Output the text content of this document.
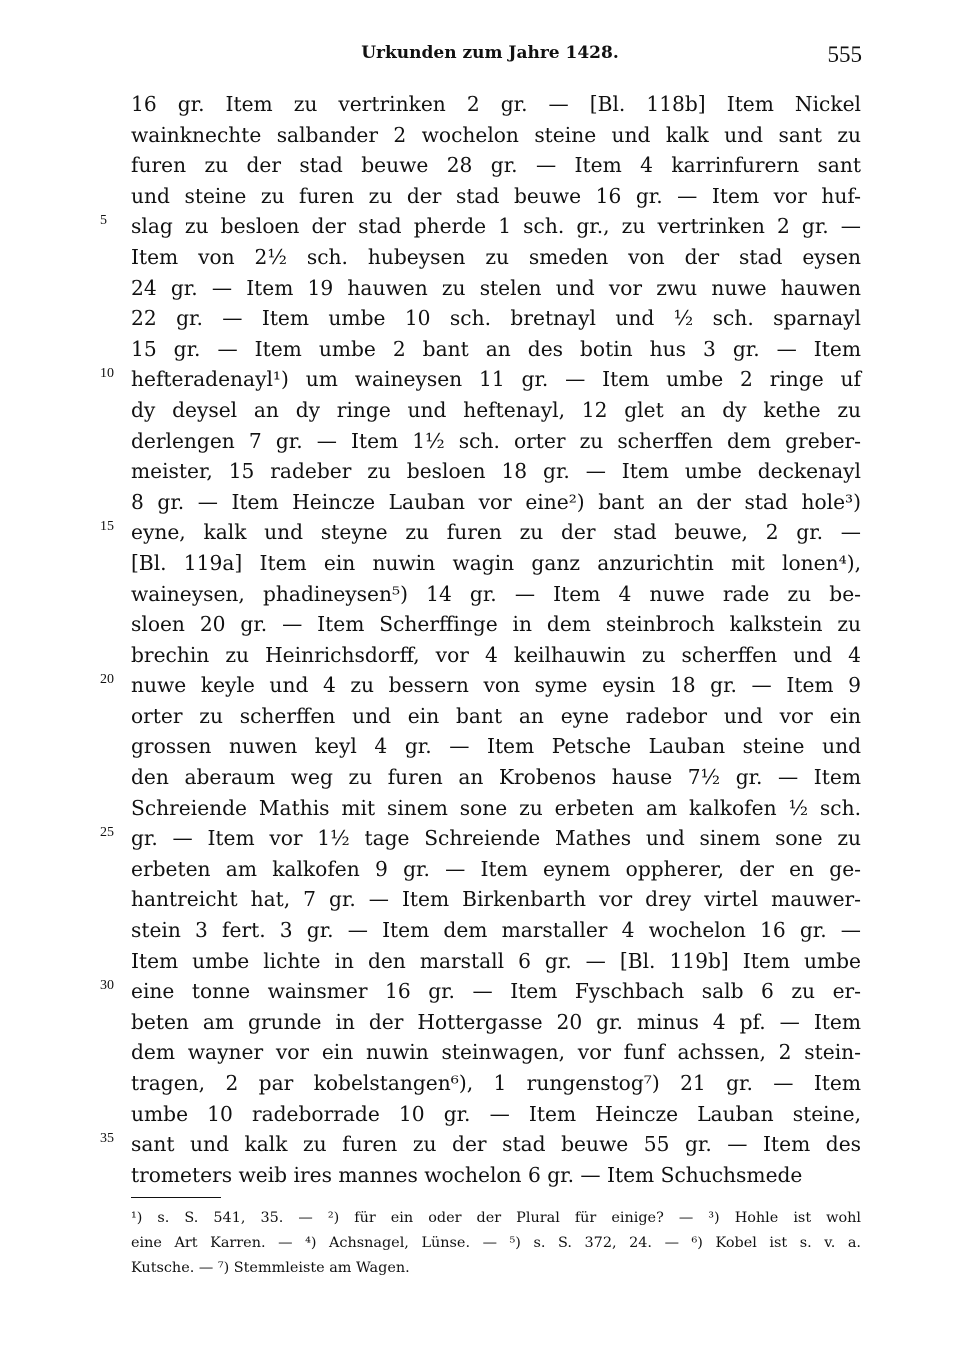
Urkunden zum Jahre 1428.	555
16 gr. Item zu vertrinken 2 gr. — [Bl. 118b] Item Nickel
wainknechte salbander 2 wochelon steine und kalk und sant zu
furen zu der stad beuwe 28 gr. — Item 4 karrinfurern sant
und steine zu furen zu der stad beuwe 16 gr. — Item vor huf-
slag zu besloen der stad pherde 1 sch. gr., zu vertrinken 2 gr. —
Item von 2½ sch. hubeysen zu smeden von der stad eysen
24 gr. — Item 19 hauwen zu stelen und vor zwu nuwe hauwen
22 gr. — Item umbe 10 sch. bretnayl und ½ sch. sparnayl
15 gr. — Item umbe 2 bant an des botin hus 3 gr. — Item
hefteradenayl¹) um waineysen 11 gr. — Item umbe 2 ringe uf
dy deysel an dy ringe und heftenayl, 12 glet an dy kethe zu
derlengen 7 gr. — Item 1½ sch. orter zu scherffen dem greber-
meister, 15 radeber zu besloen 18 gr. — Item umbe deckenayl
8 gr. — Item Heincze Lauban vor eine²) bant an der stad hole³)
eyne, kalk und steyne zu furen zu der stad beuwe, 2 gr. —
[Bl. 119a] Item ein nuwin wagin ganz anzurichtin mit lonen⁴),
waineysen, phadineysen⁵) 14 gr. — Item 4 nuwe rade zu be-
sloen 20 gr. — Item Scherffinge in dem steinbroch kalkstein zu
brechin zu Heinrichsdorff, vor 4 keilhauwin zu scherffen und 4
nuwe keyle und 4 zu bessern von syme eysin 18 gr. — Item 9
orter zu scherffen und ein bant an eyne radebor und vor ein
grossen nuwen keyl 4 gr. — Item Petsche Lauban steine und
den aberaum weg zu furen an Krobenos hause 7½ gr. — Item
Schreiende Mathis mit sinem sone zu erbeten am kalkofen ½ sch.
gr. — Item vor 1½ tage Schreiende Mathes und sinem sone zu
erbeten am kalkofen 9 gr. — Item eynem oppherer, der en ge-
hantreicht hat, 7 gr. — Item Birkenbarth vor drey virtel mauwer-
stein 3 fert. 3 gr. — Item dem marstaller 4 wochelon 16 gr. —
Item umbe lichte in den marstall 6 gr. — [Bl. 119b] Item umbe
eine tonne wainsmer 16 gr. — Item Fyschbach salb 6 zu er-
beten am grunde in der Hottergasse 20 gr. minus 4 pf. — Item
dem wayner vor ein nuwin steinwagen, vor funf achssen, 2 stein-
tragen, 2 par kobelstangen⁶), 1 rungenstog⁷) 21 gr. — Item
umbe 10 radeborrade 10 gr. — Item Heincze Lauban steine,
sant und kalk zu furen zu der stad beuwe 55 gr. — Item des
trometers weib ires mannes wochelon 6 gr. — Item Schuchsmede
5
10
15
20
25
30
35
¹) s. S. 541, 35. — ²) für ein oder der Plural für einige? — ³) Hohle ist wohl
eine Art Karren. — ⁴) Achsnagel, Lünse. — ⁵) s. S. 372, 24. — ⁶) Kobel ist s. v. a.
Kutsche. — ⁷) Stemmleiste am Wagen.
